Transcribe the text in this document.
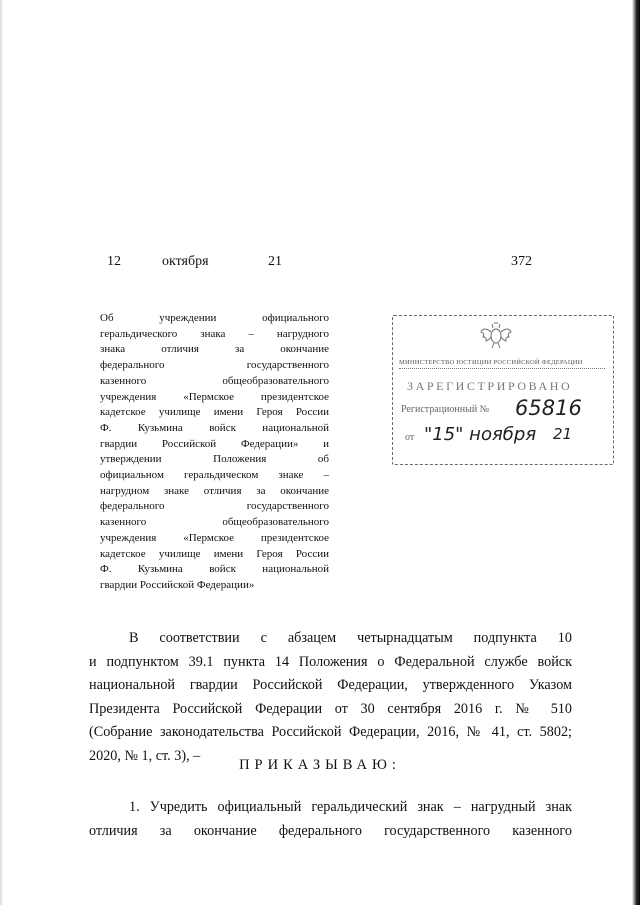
12	октября	21	372
Об учреждении официального
геральдического знака – нагрудного
знака отличия за окончание
федерального государственного
казенного общеобразовательного
учреждения «Пермское президентское
кадетское училище имени Героя России
Ф. Кузьмина войск национальной
гвардии Российской Федерации» и
утверждении Положения об
официальном геральдическом знаке –
нагрудном знаке отличия за окончание
федерального государственного
казенного общеобразовательного
учреждения «Пермское президентское
кадетское училище имени Героя России
Ф. Кузьмина войск национальной
гвардии Российской Федерации»
МИНИСТЕРСТВО ЮСТИЦИИ РОССИЙСКОЙ ФЕДЕРАЦИИ
ЗАРЕГИСТРИРОВАНО
Регистрационный № 65816
от "15" ноября 21
В соответствии с абзацем четырнадцатым подпункта 10
и подпунктом 39.1 пункта 14 Положения о Федеральной службе войск
национальной гвардии Российской Федерации, утвержденного Указом
Президента Российской Федерации от 30 сентября 2016 г. № 510
(Собрание законодательства Российской Федерации, 2016, № 41, ст. 5802;
2020, № 1, ст. 3), –
ПРИКАЗЫВАЮ:
1. Учредить официальный геральдический знак – нагрудный знак
отличия за окончание федерального государственного казенного
